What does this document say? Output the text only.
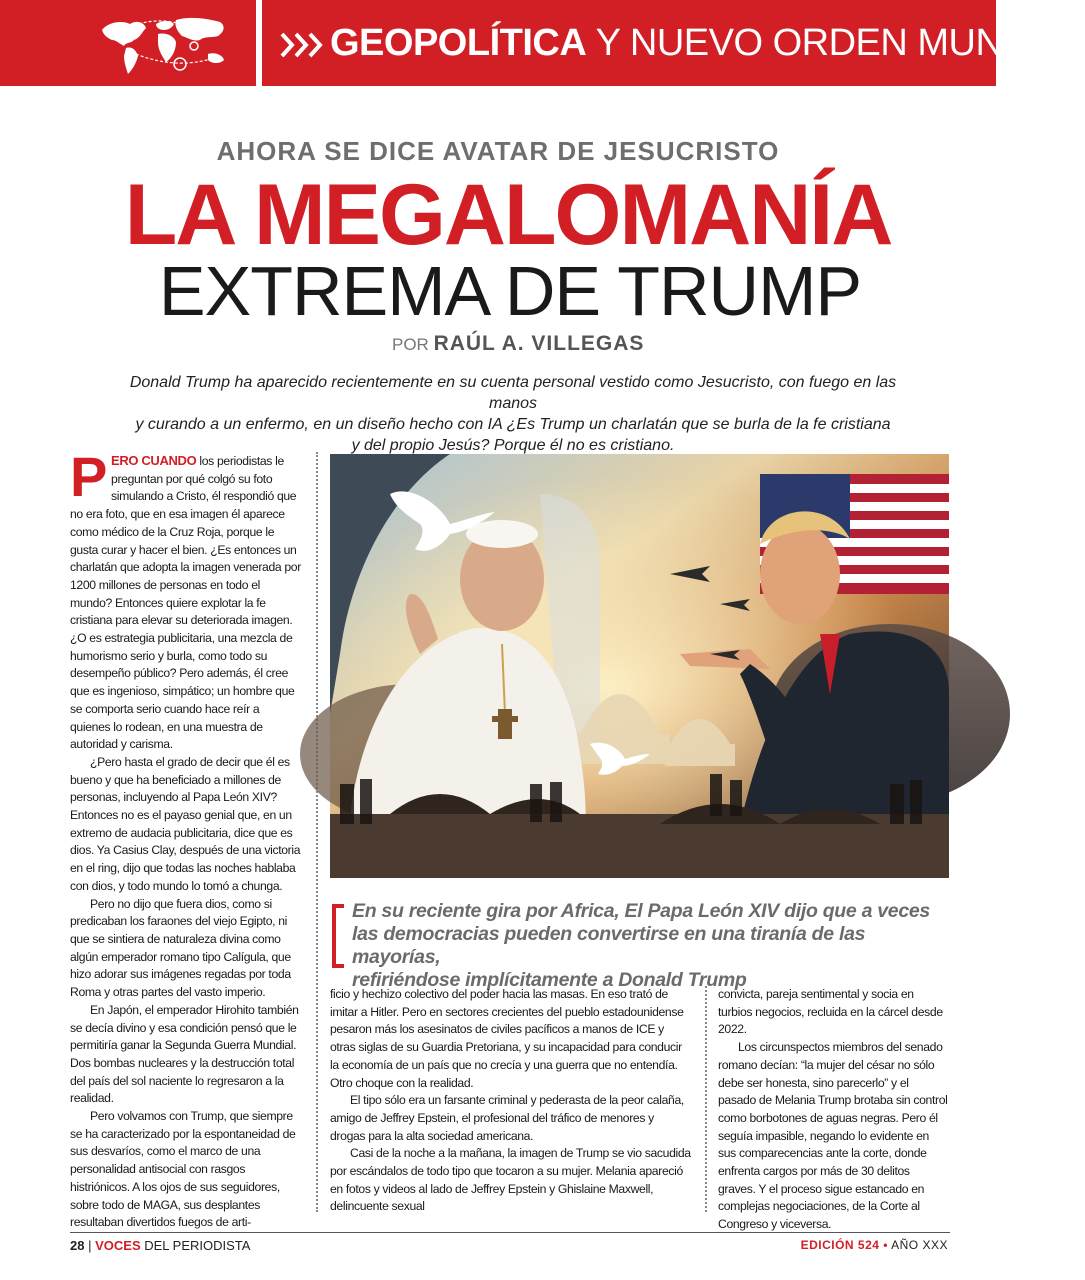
GEOPOLÍTICA Y NUEVO ORDEN MUNDIAL
AHORA SE DICE AVATAR DE JESUCRISTO
LA MEGALOMANÍA
EXTREMA DE TRUMP
POR RAÚL A. VILLEGAS
Donald Trump ha aparecido recientemente en su cuenta personal vestido como Jesucristo, con fuego en las manos
y curando a un enfermo, en un diseño hecho con IA ¿Es Trump un charlatán que se burla de la fe cristiana
y del propio Jesús? Porque él no es cristiano.

PERO CUANDO los periodistas le preguntan por qué colgó su foto simulando a Cristo, él respondió que no era foto, que en esa imagen él aparece como médico de la Cruz Roja, porque le gusta curar y hacer el bien. ¿Es entonces un charlatán que adopta la imagen venerada por 1200 millones de personas en todo el mundo? Entonces quiere explotar la fe cristiana para elevar su deteriorada imagen. ¿O es estrategia publicitaria, una mezcla de humorismo serio y burla, como todo su desempeño público? Pero además, él cree que es ingenioso, simpático; un hombre que se comporta serio cuando hace reír a quienes lo rodean, en una muestra de autoridad y carisma.

¿Pero hasta el grado de decir que él es bueno y que ha beneficiado a millones de personas, incluyendo al Papa León XIV? Entonces no es el payaso genial que, en un extremo de audacia publicitaria, dice que es dios. Ya Casius Clay, después de una victoria en el ring, dijo que todas las noches hablaba con dios, y todo mundo lo tomó a chunga.

Pero no dijo que fuera dios, como si predicaban los faraones del viejo Egipto, ni que se sintiera de naturaleza divina como algún emperador romano tipo Calígula, que hizo adorar sus imágenes regadas por toda Roma y otras partes del vasto imperio.

En Japón, el emperador Hirohito también se decía divino y esa condición pensó que le permitiría ganar la Segunda Guerra Mundial. Dos bombas nucleares y la destrucción total del país del sol naciente lo regresaron a la realidad.

Pero volvamos con Trump, que siempre se ha caracterizado por la espontaneidad de sus desvaríos, como el marco de una personalidad antisocial con rasgos histriónicos. A los ojos de sus seguidores, sobre todo de MAGA, sus desplantes resultaban divertidos fuegos de arti-

En su reciente gira por Africa, El Papa León XIV dijo que a veces
las democracias pueden convertirse en una tiranía de las mayorías,
refiriéndose implícitamente a Donald Trump

ficio y hechizo colectivo del poder hacia las masas. En eso trató de imitar a Hitler. Pero en sectores crecientes del pueblo estadounidense pesaron más los asesinatos de civiles pacíficos a manos de ICE y otras siglas de su Guardia Pretoriana, y su incapacidad para conducir la economía de un país que no crecía y una guerra que no entendía. Otro choque con la realidad.

El tipo sólo era un farsante criminal y pederasta de la peor calaña, amigo de Jeffrey Epstein, el profesional del tráfico de menores y drogas para la alta sociedad americana.

Casi de la noche a la mañana, la imagen de Trump se vio sacudida por escándalos de todo tipo que tocaron a su mujer. Melania apareció en fotos y videos al lado de Jeffrey Epstein y Ghislaine Maxwell, delincuente sexual

convicta, pareja sentimental y socia en turbios negocios, recluida en la cárcel desde 2022.

Los circunspectos miembros del senado romano decían: “la mujer del césar no sólo debe ser honesta, sino parecerlo” y el pasado de Melania Trump brotaba sin control como borbotones de aguas negras. Pero él seguía impasible, negando lo evidente en sus comparecencias ante la corte, donde enfrenta cargos por más de 30 delitos graves. Y el proceso sigue estancado en complejas negociaciones, de la Corte al Congreso y viceversa.

28 | VOCES DEL PERIODISTA	EDICIÓN 524 • AÑO XXX
